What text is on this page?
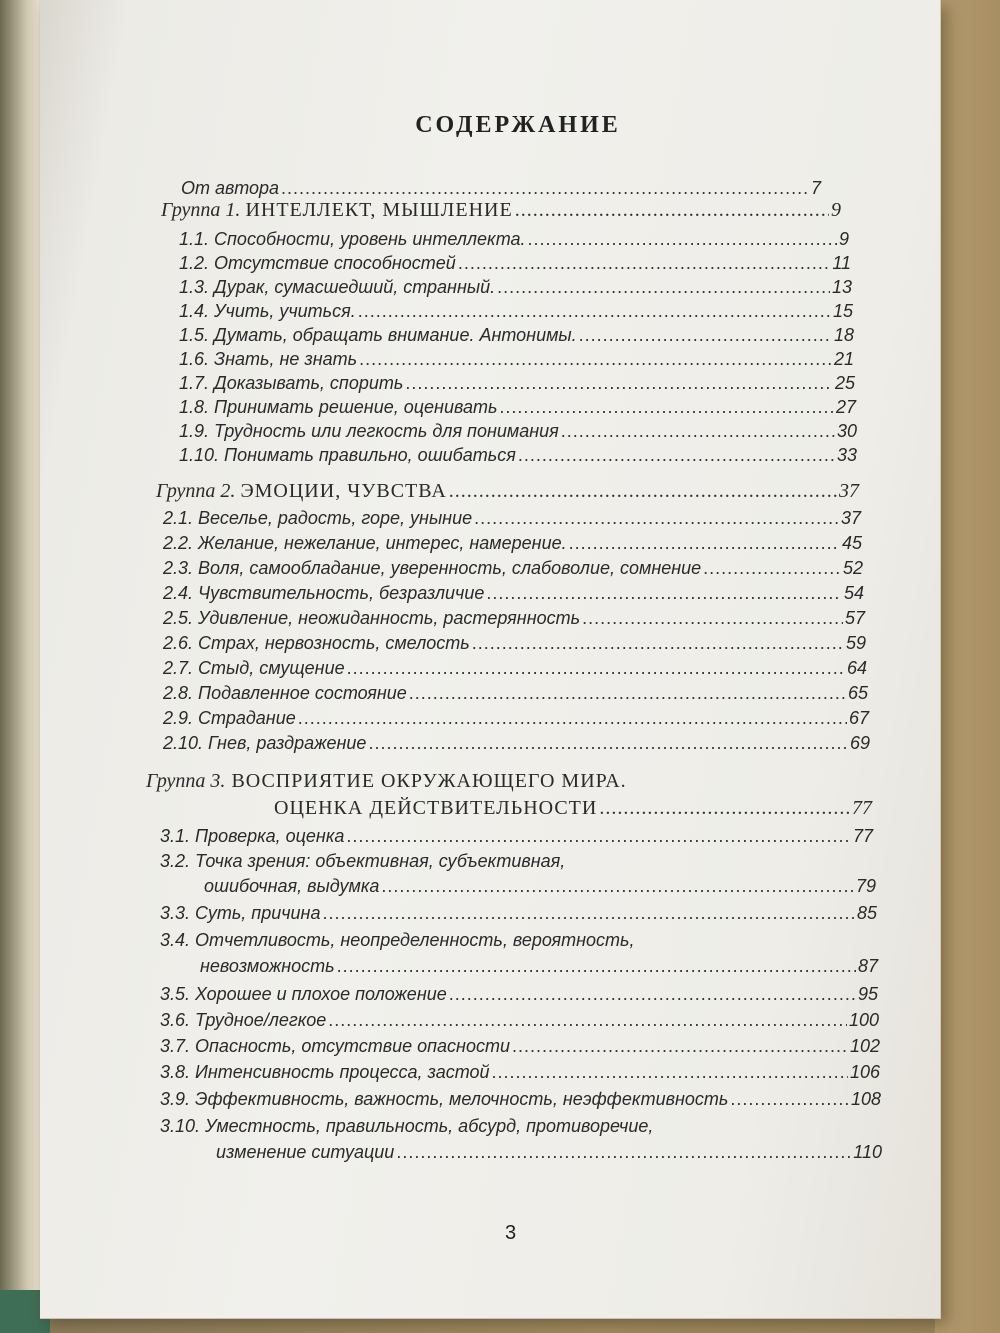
СОДЕРЖАНИЕ
От автора .....	7
Группа 1. ИНТЕЛЛЕКТ, МЫШЛЕНИЕ .....	9
1.1. Способности, уровень интеллекта. .....	9
1.2. Отсутствие способностей .....	11
1.3. Дурак, сумасшедший, странный. .....	13
1.4. Учить, учиться. .....	15
1.5. Думать, обращать внимание. Антонимы. .....	18
1.6. Знать, не знать .....	21
1.7. Доказывать, спорить .....	25
1.8. Принимать решение, оценивать .....	27
1.9. Трудность или легкость для понимания .....	30
1.10. Понимать правильно, ошибаться .....	33
Группа 2. ЭМОЦИИ, ЧУВСТВА .....	37
2.1. Веселье, радость, горе, уныние .....	37
2.2. Желание, нежелание, интерес, намерение. .....	45
2.3. Воля, самообладание, уверенность, слабоволие, сомнение .....	52
2.4. Чувствительность, безразличие .....	54
2.5. Удивление, неожиданность, растерянность .....	57
2.6. Страх, нервозность, смелость .....	59
2.7. Стыд, смущение .....	64
2.8. Подавленное состояние .....	65
2.9. Страдание .....	67
2.10. Гнев, раздражение .....	69
Группа 3. ВОСПРИЯТИЕ ОКРУЖАЮЩЕГО МИРА.
ОЦЕНКА ДЕЙСТВИТЕЛЬНОСТИ .....	77
3.1. Проверка, оценка .....	77
3.2. Точка зрения: объективная, субъективная,
ошибочная, выдумка .....	79
3.3. Суть, причина .....	85
3.4. Отчетливость, неопределенность, вероятность,
невозможность .....	87
3.5. Хорошее и плохое положение .....	95
3.6. Трудное/легкое .....	100
3.7. Опасность, отсутствие опасности .....	102
3.8. Интенсивность процесса, застой .....	106
3.9. Эффективность, важность, мелочность, неэффективность .....	108
3.10. Уместность, правильность, абсурд, противоречие,
изменение ситуации .....	110
3
